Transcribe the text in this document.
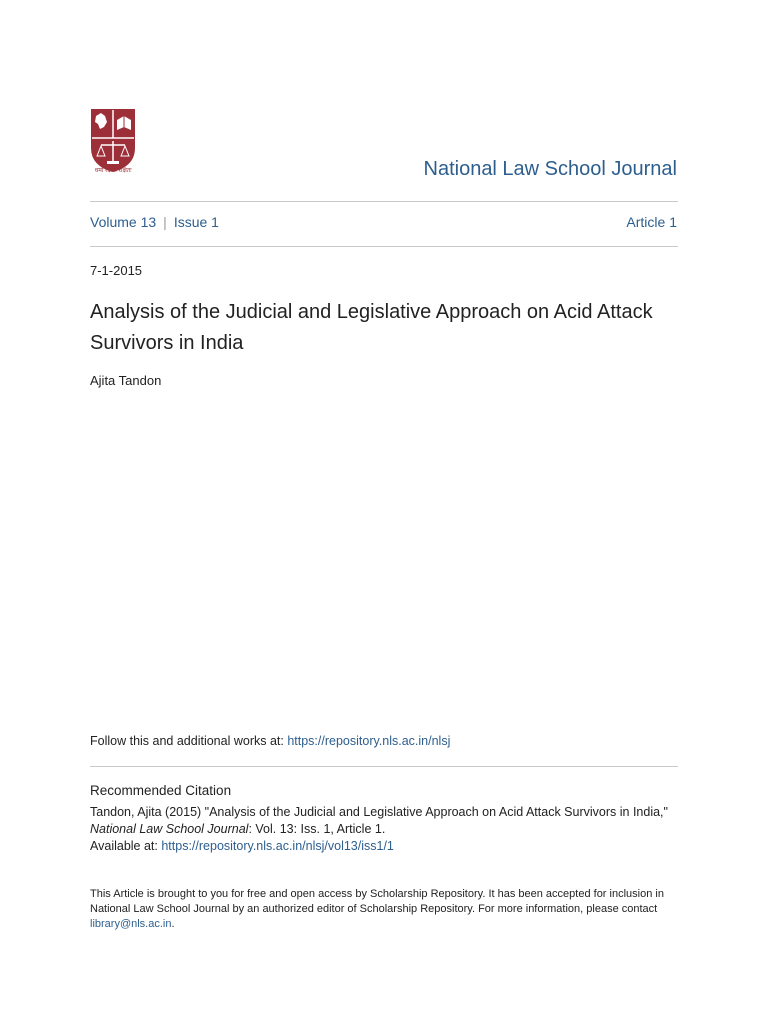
धर्मो रक्षति रक्षितः	National Law School Journal
Volume 13 | Issue 1	Article 1
7-1-2015
Analysis of the Judicial and Legislative Approach on Acid Attack Survivors in India
Ajita Tandon
Follow this and additional works at: https://repository.nls.ac.in/nlsj
Recommended Citation
Tandon, Ajita (2015) "Analysis of the Judicial and Legislative Approach on Acid Attack Survivors in India,"
National Law School Journal: Vol. 13: Iss. 1, Article 1.
Available at: https://repository.nls.ac.in/nlsj/vol13/iss1/1
This Article is brought to you for free and open access by Scholarship Repository. It has been accepted for inclusion in National Law School Journal by an authorized editor of Scholarship Repository. For more information, please contact library@nls.ac.in.
